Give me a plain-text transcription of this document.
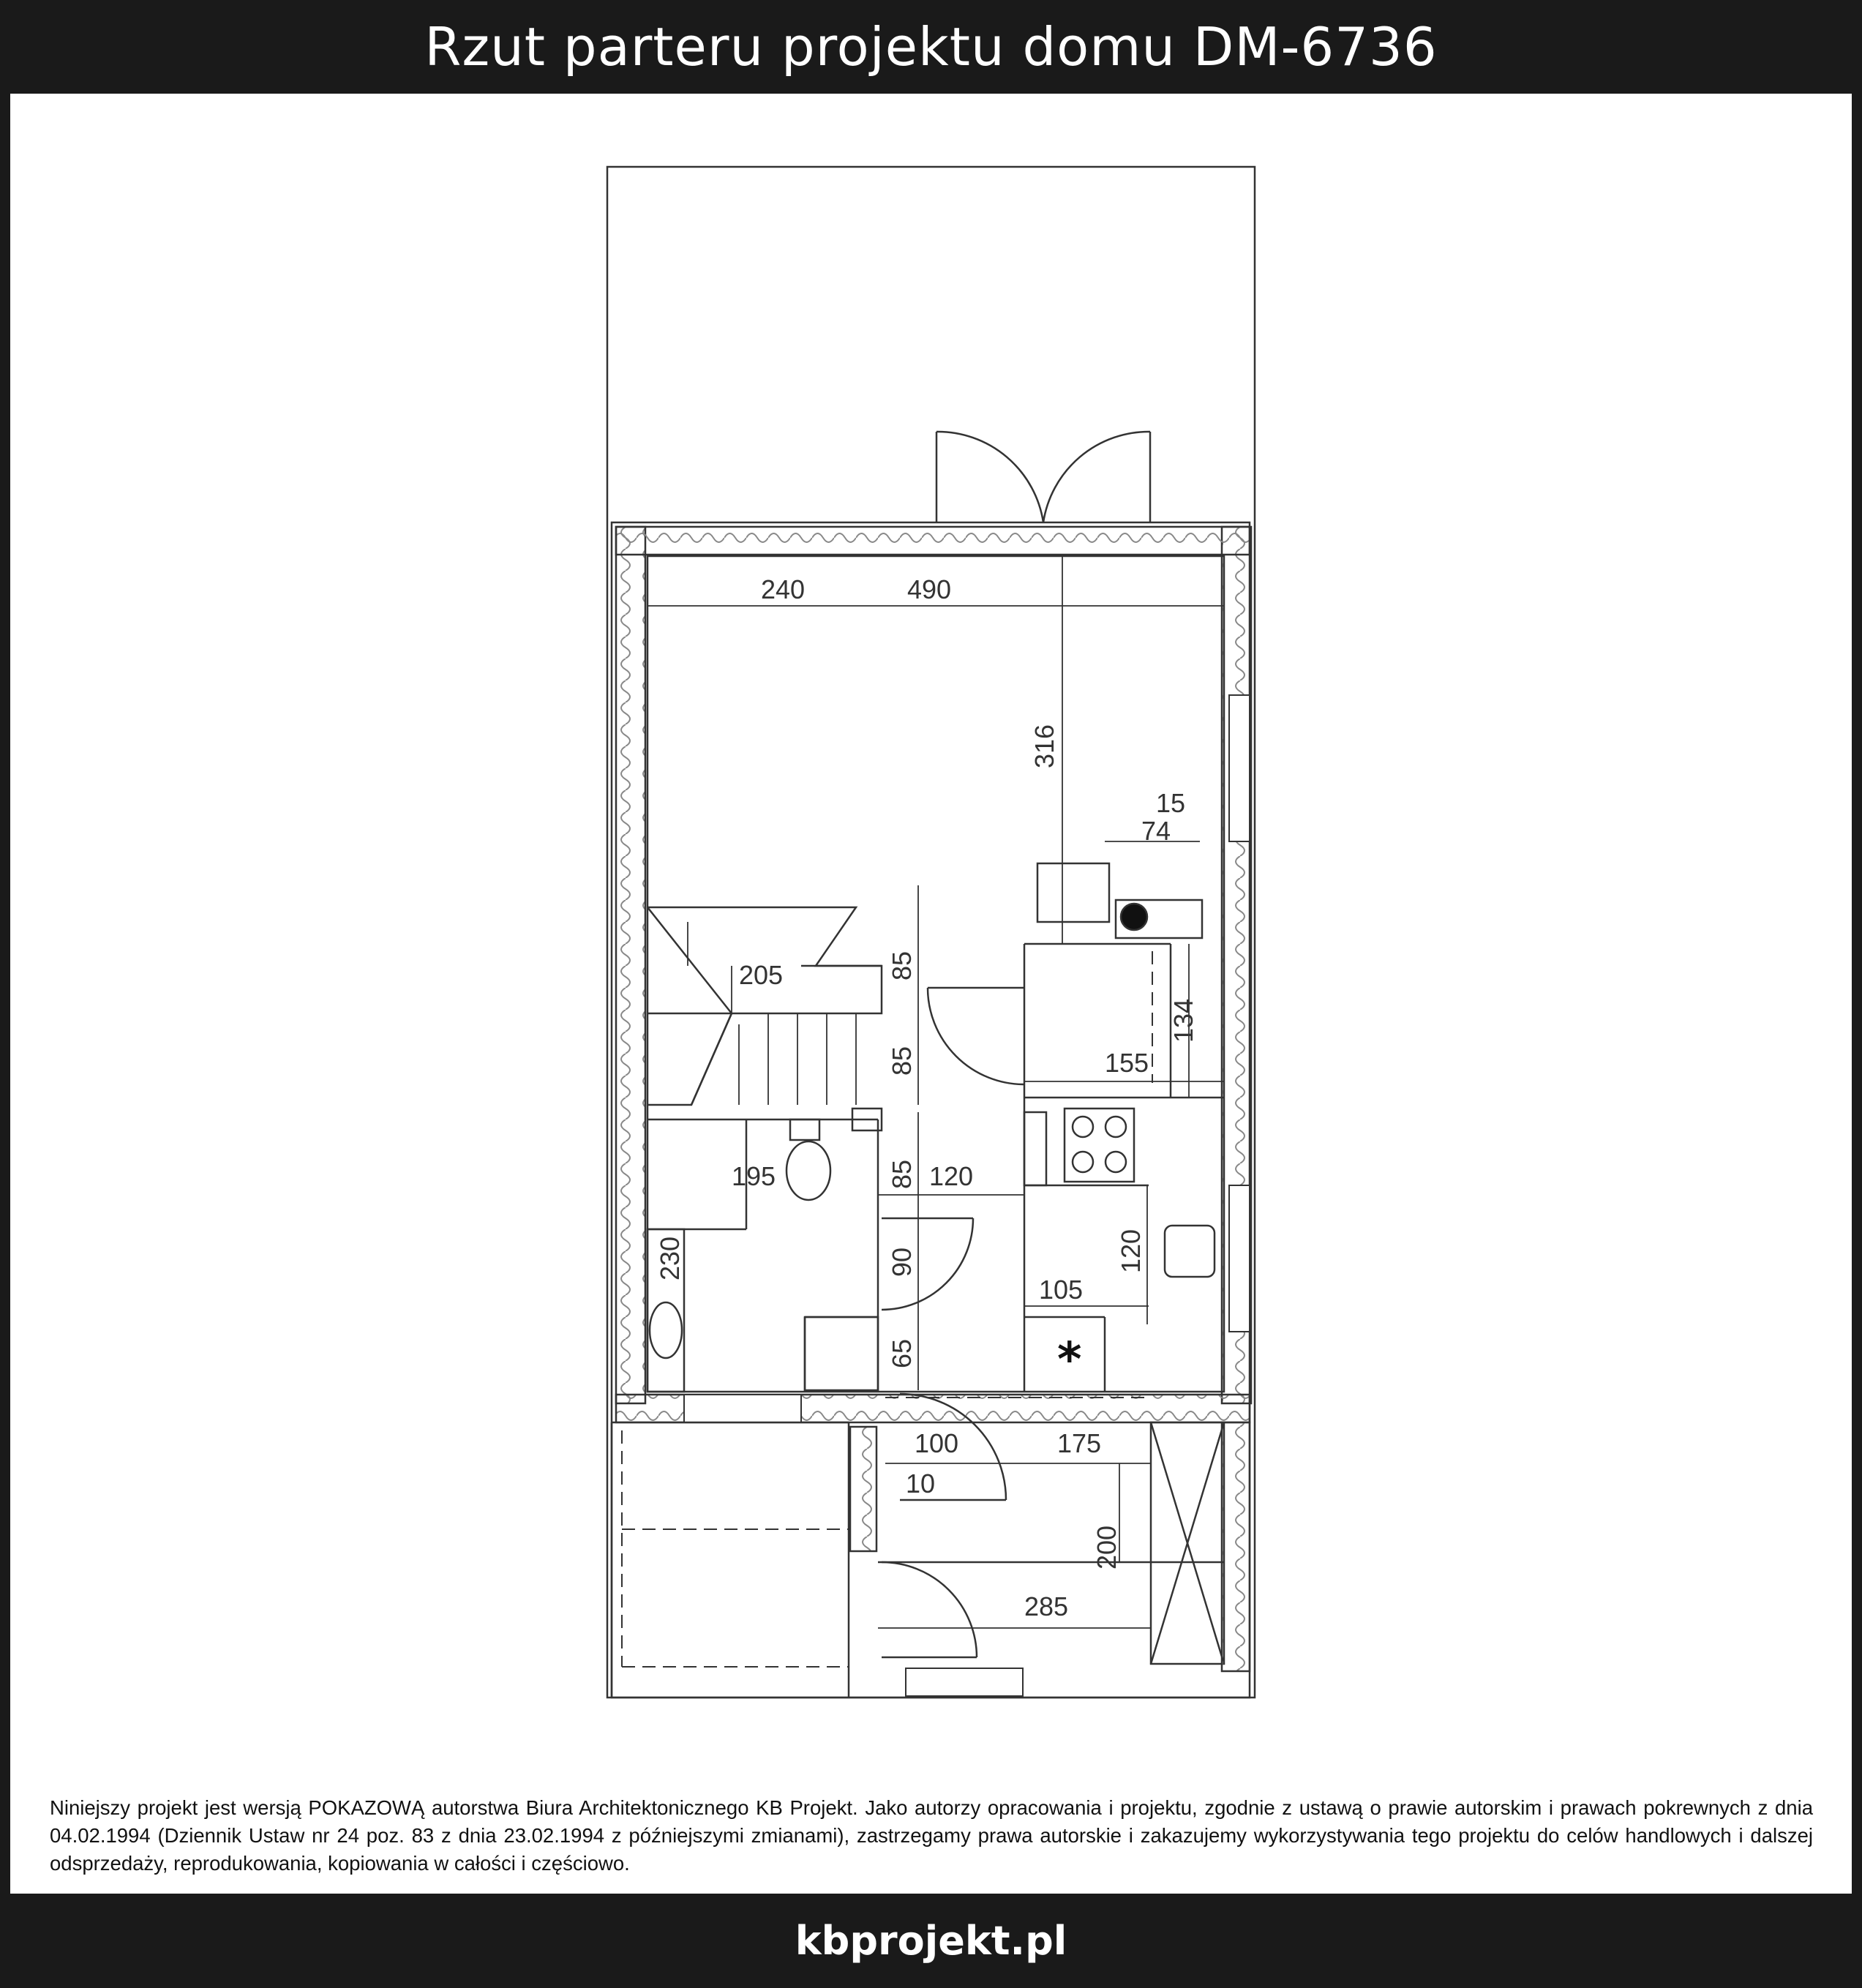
Rzut parteru projektu domu DM-6736
240	490
316
15
74
205	85
85
134
155
195	85 120
230	90	120
105
65
100	175
10
200
285
*
Niniejszy projekt jest wersją POKAZOWĄ autorstwa Biura Architektonicznego KB Projekt. Jako autorzy opracowania i projektu, zgodnie z ustawą o prawie autorskim i prawach pokrewnych z dnia 04.02.1994 (Dziennik Ustaw nr 24 poz. 83 z dnia 23.02.1994 z późniejszymi zmianami), zastrzegamy prawa autorskie i zakazujemy wykorzystywania tego projektu do celów handlowych i dalszej odsprzedaży, reprodukowania, kopiowania w całości i częściowo.
kbprojekt.pl
